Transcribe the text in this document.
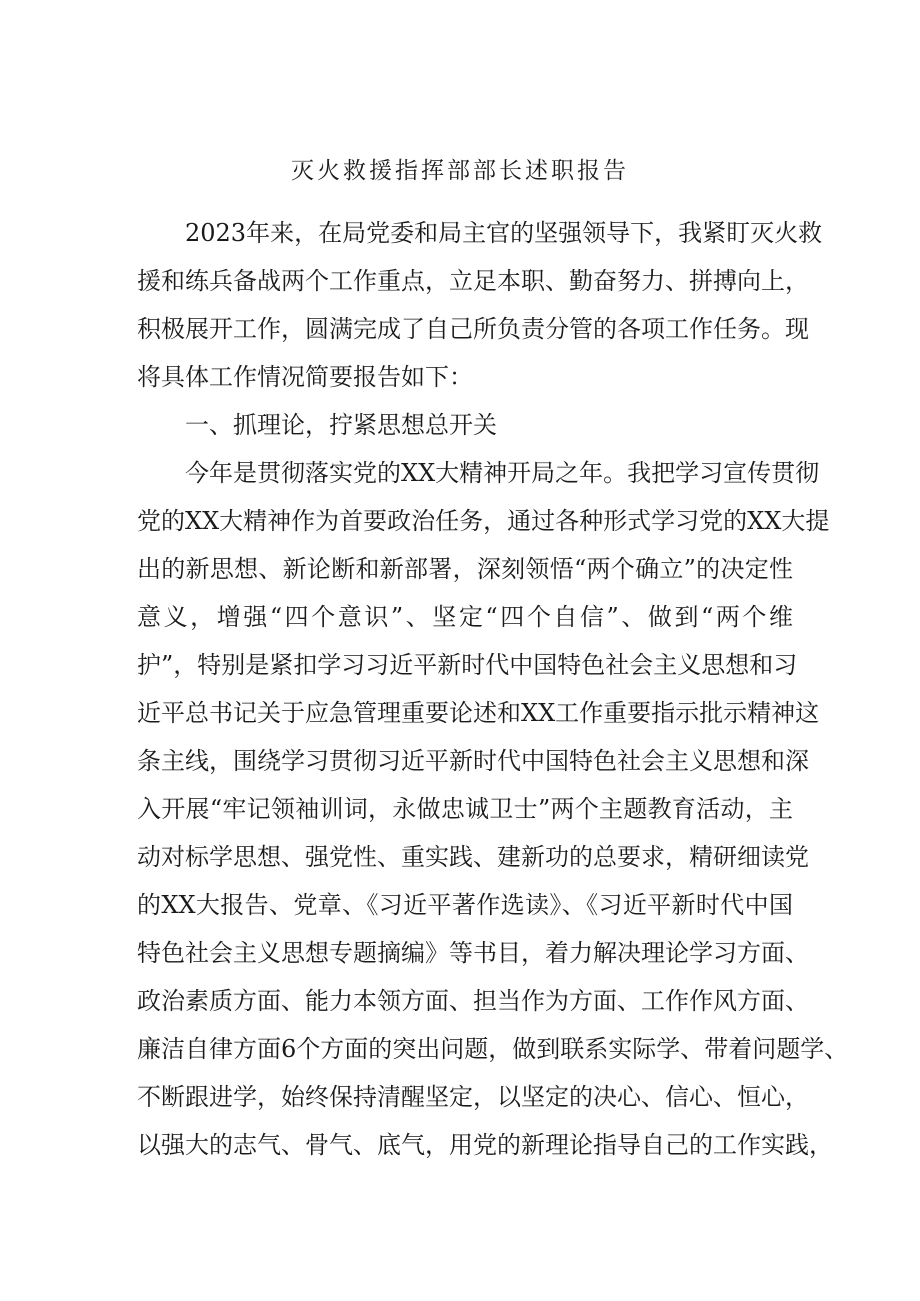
灭火救援指挥部部长述职报告
2023年来，在局党委和局主官的坚强领导下，我紧盯灭火救
援和练兵备战两个工作重点，立足本职、勤奋努力、拼搏向上，
积极展开工作，圆满完成了自己所负责分管的各项工作任务。现
将具体工作情况简要报告如下：
一、抓理论，拧紧思想总开关
今年是贯彻落实党的XX大精神开局之年。我把学习宣传贯彻
党的XX大精神作为首要政治任务，通过各种形式学习党的XX大提
出的新思想、新论断和新部署，深刻领悟“两个确立”的决定性
意义，增强“四个意识”、坚定“四个自信”、做到“两个维
护”，特别是紧扣学习习近平新时代中国特色社会主义思想和习
近平总书记关于应急管理重要论述和XX工作重要指示批示精神这
条主线，围绕学习贯彻习近平新时代中国特色社会主义思想和深
入开展“牢记领袖训词，永做忠诚卫士”两个主题教育活动，主
动对标学思想、强党性、重实践、建新功的总要求，精研细读党
的XX大报告、党章、《习近平著作选读》、《习近平新时代中国
特色社会主义思想专题摘编》等书目，着力解决理论学习方面、
政治素质方面、能力本领方面、担当作为方面、工作作风方面、
廉洁自律方面6个方面的突出问题，做到联系实际学、带着问题学、
不断跟进学，始终保持清醒坚定，以坚定的决心、信心、恒心，
以强大的志气、骨气、底气，用党的新理论指导自己的工作实践，
